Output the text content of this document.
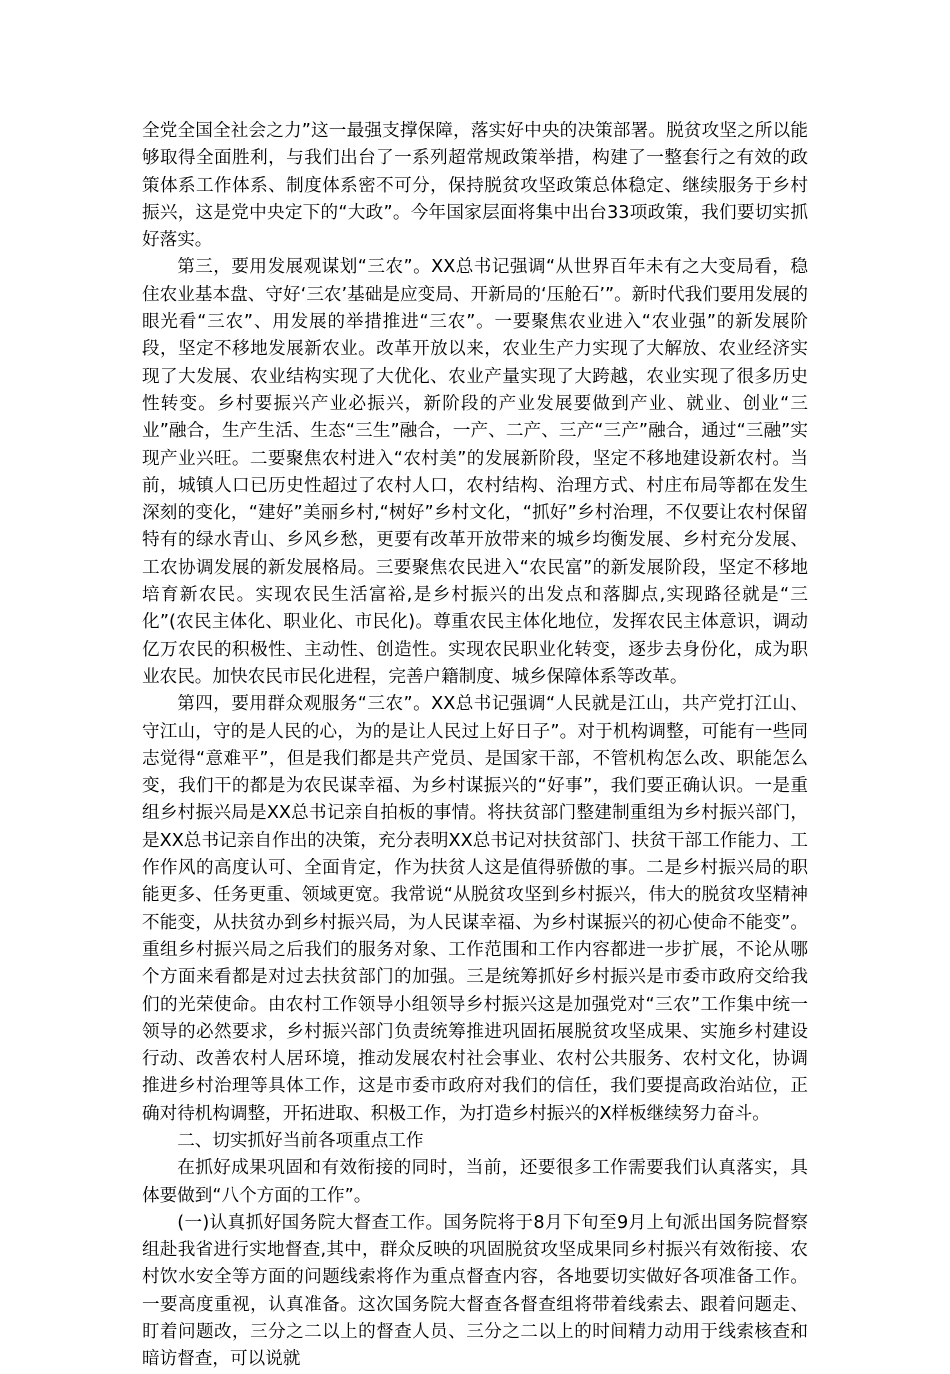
全党全国全社会之力”这一最强支撑保障，落实好中央的决策部署。脱贫攻坚之所以能够取得全面胜利，与我们出台了一系列超常规政策举措，构建了一整套行之有效的政策体系工作体系、制度体系密不可分，保持脱贫攻坚政策总体稳定、继续服务于乡村振兴，这是党中央定下的“大政”。今年国家层面将集中出台33项政策，我们要切实抓好落实。

第三，要用发展观谋划“三农”。XX总书记强调“从世界百年未有之大变局看，稳住农业基本盘、守好‘三农’基础是应变局、开新局的‘压舱石’”。新时代我们要用发展的眼光看“三农”、用发展的举措推进“三农”。一要聚焦农业进入“农业强”的新发展阶段，坚定不移地发展新农业。改革开放以来，农业生产力实现了大解放、农业经济实现了大发展、农业结构实现了大优化、农业产量实现了大跨越，农业实现了很多历史性转变。乡村要振兴产业必振兴，新阶段的产业发展要做到产业、就业、创业“三业”融合，生产生活、生态“三生”融合，一产、二产、三产“三产”融合，通过“三融”实现产业兴旺。二要聚焦农村进入“农村美”的发展新阶段，坚定不移地建设新农村。当前，城镇人口已历史性超过了农村人口，农村结构、治理方式、村庄布局等都在发生深刻的变化，“建好”美丽乡村,“树好”乡村文化，“抓好”乡村治理，不仅要让农村保留特有的绿水青山、乡风乡愁，更要有改革开放带来的城乡均衡发展、乡村充分发展、工农协调发展的新发展格局。三要聚焦农民进入“农民富”的新发展阶段，坚定不移地培育新农民。实现农民生活富裕,是乡村振兴的出发点和落脚点,实现路径就是“三化”(农民主体化、职业化、市民化)。尊重农民主体化地位，发挥农民主体意识，调动亿万农民的积极性、主动性、创造性。实现农民职业化转变，逐步去身份化，成为职业农民。加快农民市民化进程，完善户籍制度、城乡保障体系等改革。

第四，要用群众观服务“三农”。XX总书记强调“人民就是江山，共产党打江山、守江山，守的是人民的心，为的是让人民过上好日子”。对于机构调整，可能有一些同志觉得“意难平”，但是我们都是共产党员、是国家干部，不管机构怎么改、职能怎么变，我们干的都是为农民谋幸福、为乡村谋振兴的“好事”，我们要正确认识。一是重组乡村振兴局是XX总书记亲自拍板的事情。将扶贫部门整建制重组为乡村振兴部门，是XX总书记亲自作出的决策，充分表明XX总书记对扶贫部门、扶贫干部工作能力、工作作风的高度认可、全面肯定，作为扶贫人这是值得骄傲的事。二是乡村振兴局的职能更多、任务更重、领域更宽。我常说“从脱贫攻坚到乡村振兴，伟大的脱贫攻坚精神不能变，从扶贫办到乡村振兴局，为人民谋幸福、为乡村谋振兴的初心使命不能变”。重组乡村振兴局之后我们的服务对象、工作范围和工作内容都进一步扩展，不论从哪个方面来看都是对过去扶贫部门的加强。三是统筹抓好乡村振兴是市委市政府交给我们的光荣使命。由农村工作领导小组领导乡村振兴这是加强党对“三农”工作集中统一领导的必然要求，乡村振兴部门负责统筹推进巩固拓展脱贫攻坚成果、实施乡村建设行动、改善农村人居环境，推动发展农村社会事业、农村公共服务、农村文化，协调推进乡村治理等具体工作，这是市委市政府对我们的信任，我们要提高政治站位，正确对待机构调整，开拓进取、积极工作，为打造乡村振兴的X样板继续努力奋斗。

二、切实抓好当前各项重点工作

在抓好成果巩固和有效衔接的同时，当前，还要很多工作需要我们认真落实，具体要做到“八个方面的工作”。

(一)认真抓好国务院大督查工作。国务院将于8月下旬至9月上旬派出国务院督察组赴我省进行实地督查,其中，群众反映的巩固脱贫攻坚成果同乡村振兴有效衔接、农村饮水安全等方面的问题线索将作为重点督查内容，各地要切实做好各项准备工作。一要高度重视，认真准备。这次国务院大督查各督查组将带着线索去、跟着问题走、盯着问题改，三分之二以上的督查人员、三分之二以上的时间精力动用于线索核查和暗访督查，可以说就
